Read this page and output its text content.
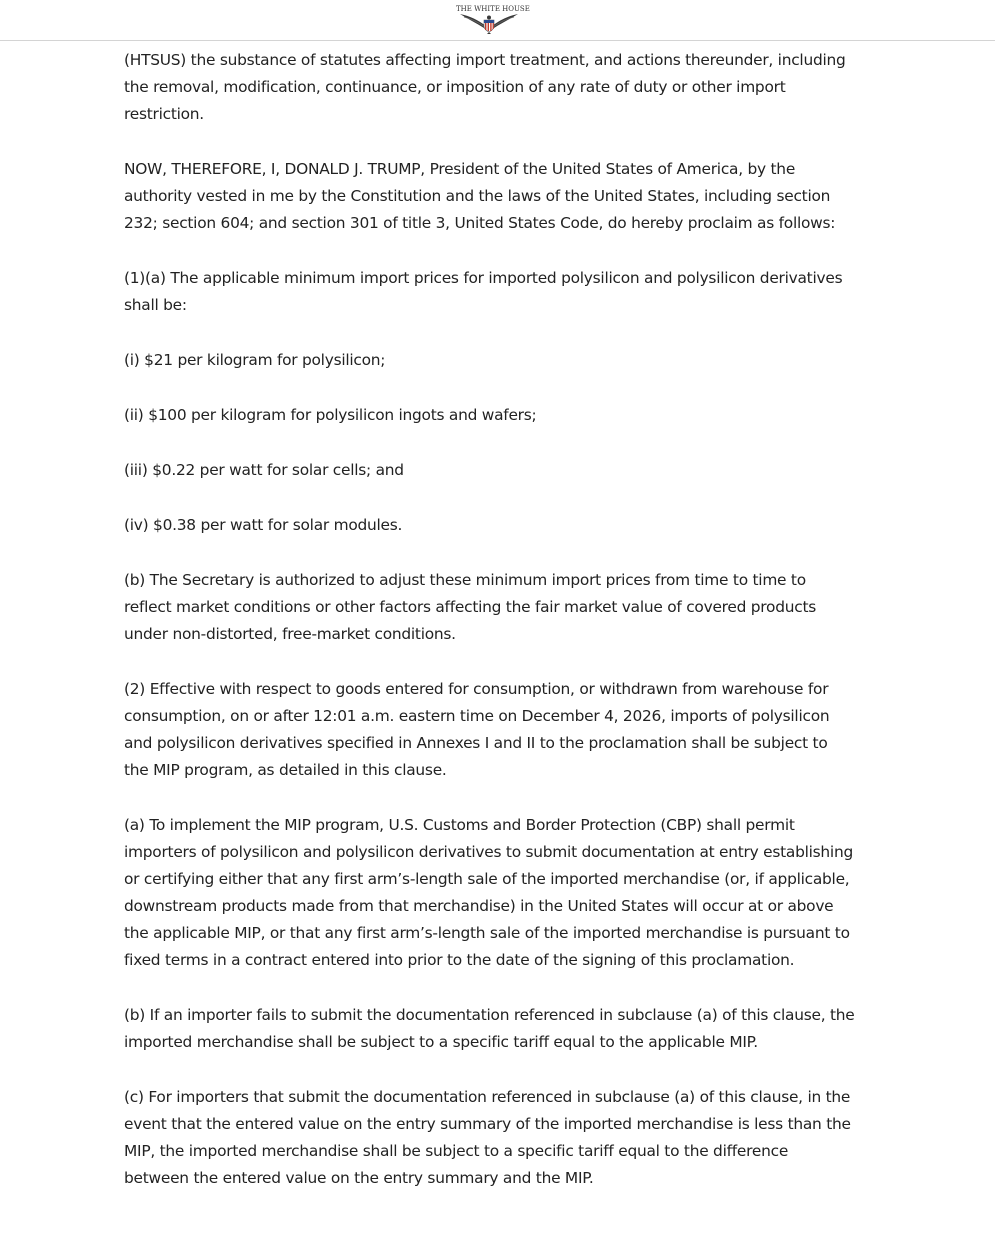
THE WHITE HOUSE

(HTSUS) the substance of statutes affecting import treatment, and actions thereunder, including the removal, modification, continuance, or imposition of any rate of duty or other import restriction.

NOW, THEREFORE, I, DONALD J. TRUMP, President of the United States of America, by the authority vested in me by the Constitution and the laws of the United States, including section 232; section 604; and section 301 of title 3, United States Code, do hereby proclaim as follows:

(1)(a) The applicable minimum import prices for imported polysilicon and polysilicon derivatives shall be:

(i) $21 per kilogram for polysilicon;

(ii) $100 per kilogram for polysilicon ingots and wafers;

(iii) $0.22 per watt for solar cells; and

(iv) $0.38 per watt for solar modules.

(b) The Secretary is authorized to adjust these minimum import prices from time to time to reflect market conditions or other factors affecting the fair market value of covered products under non-distorted, free-market conditions.

(2) Effective with respect to goods entered for consumption, or withdrawn from warehouse for consumption, on or after 12:01 a.m. eastern time on December 4, 2026, imports of polysilicon and polysilicon derivatives specified in Annexes I and II to the proclamation shall be subject to the MIP program, as detailed in this clause.

(a) To implement the MIP program, U.S. Customs and Border Protection (CBP) shall permit importers of polysilicon and polysilicon derivatives to submit documentation at entry establishing or certifying either that any first arm’s-length sale of the imported merchandise (or, if applicable, downstream products made from that merchandise) in the United States will occur at or above the applicable MIP, or that any first arm’s-length sale of the imported merchandise is pursuant to fixed terms in a contract entered into prior to the date of the signing of this proclamation.

(b) If an importer fails to submit the documentation referenced in subclause (a) of this clause, the imported merchandise shall be subject to a specific tariff equal to the applicable MIP.

(c) For importers that submit the documentation referenced in subclause (a) of this clause, in the event that the entered value on the entry summary of the imported merchandise is less than the MIP, the imported merchandise shall be subject to a specific tariff equal to the difference between the entered value on the entry summary and the MIP.
